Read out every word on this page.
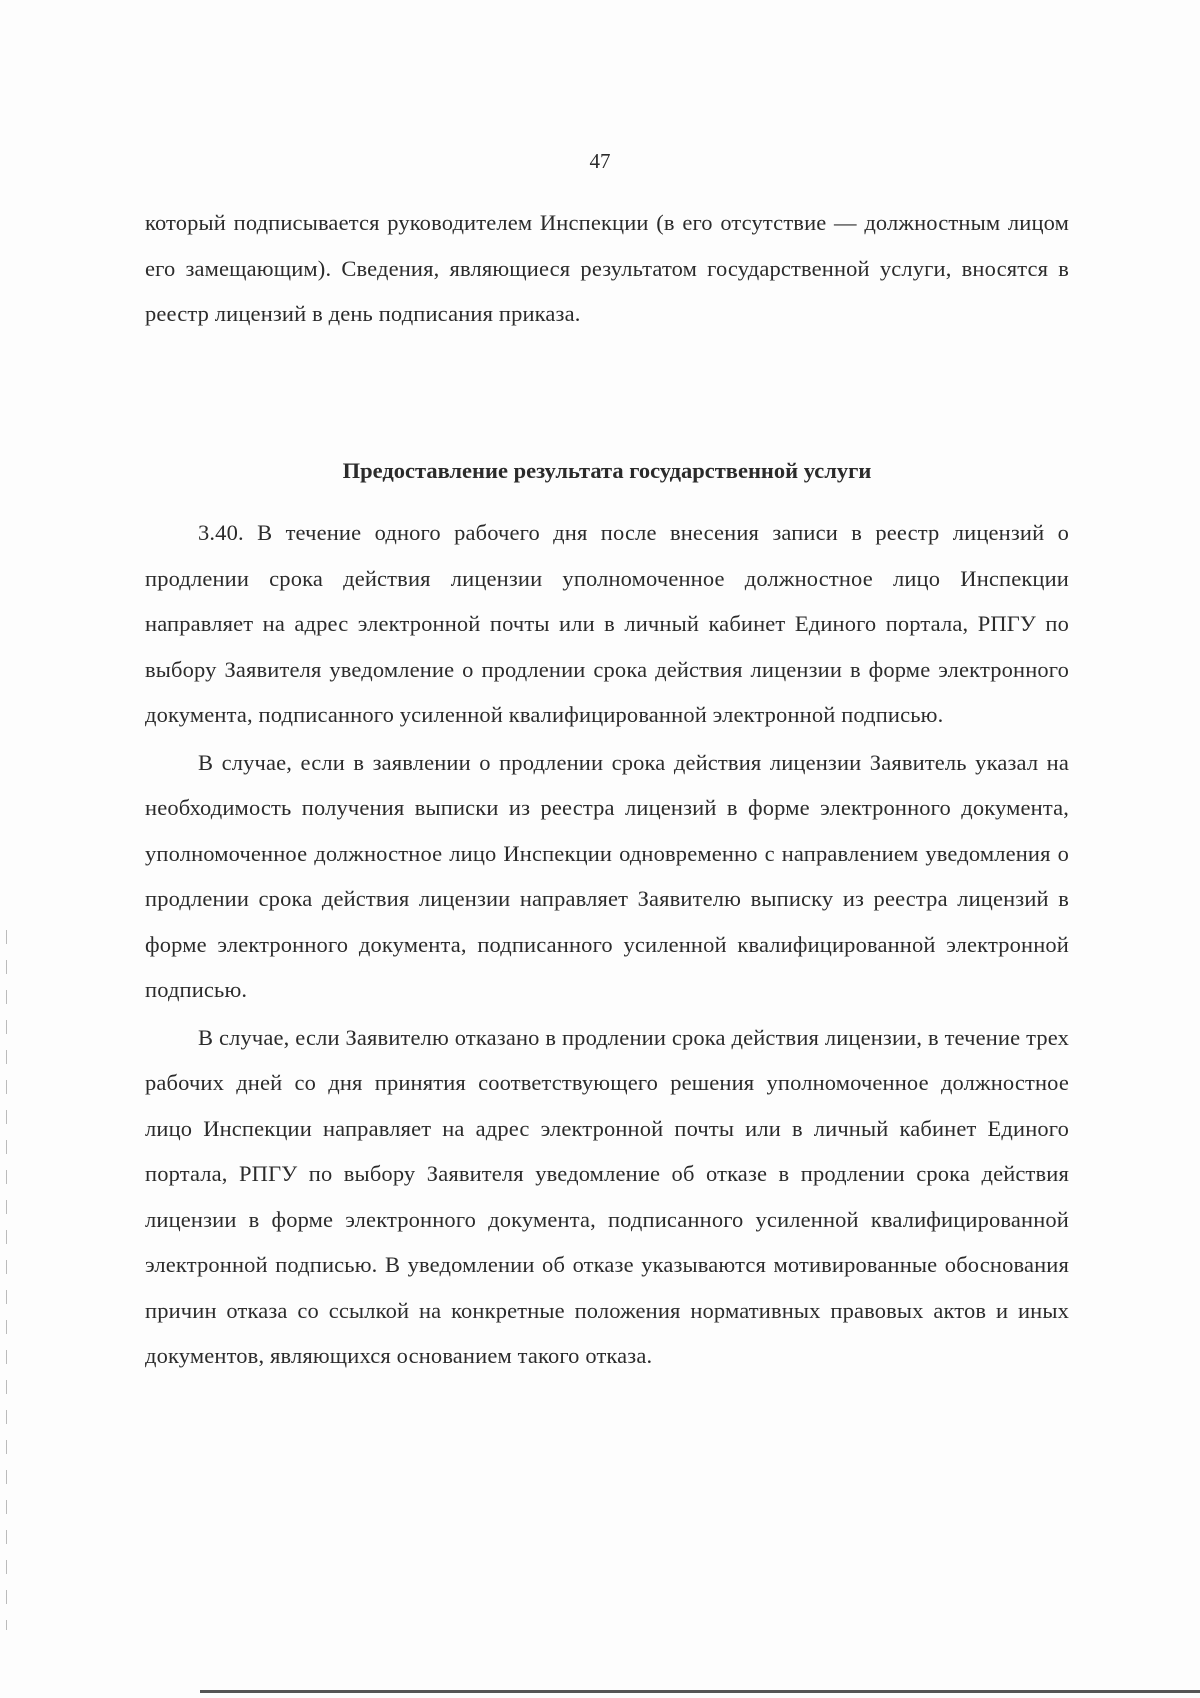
47

который подписывается руководителем Инспекции (в его отсутствие — должностным лицом его замещающим). Сведения, являющиеся результатом государственной услуги, вносятся в реестр лицензий в день подписания приказа.

Предоставление результата государственной услуги

3.40. В течение одного рабочего дня после внесения записи в реестр лицензий о продлении срока действия лицензии уполномоченное должностное лицо Инспекции направляет на адрес электронной почты или в личный кабинет Единого портала, РПГУ по выбору Заявителя уведомление о продлении срока действия лицензии в форме электронного документа, подписанного усиленной квалифицированной электронной подписью.

В случае, если в заявлении о продлении срока действия лицензии Заявитель указал на необходимость получения выписки из реестра лицензий в форме электронного документа, уполномоченное должностное лицо Инспекции одновременно с направлением уведомления о продлении срока действия лицензии направляет Заявителю выписку из реестра лицензий в форме электронного документа, подписанного усиленной квалифицированной электронной подписью.

В случае, если Заявителю отказано в продлении срока действия лицензии, в течение трех рабочих дней со дня принятия соответствующего решения уполномоченное должностное лицо Инспекции направляет на адрес электронной почты или в личный кабинет Единого портала, РПГУ по выбору Заявителя уведомление об отказе в продлении срока действия лицензии в форме электронного документа, подписанного усиленной квалифицированной электронной подписью. В уведомлении об отказе указываются мотивированные обоснования причин отказа со ссылкой на конкретные положения нормативных правовых актов и иных документов, являющихся основанием такого отказа.
